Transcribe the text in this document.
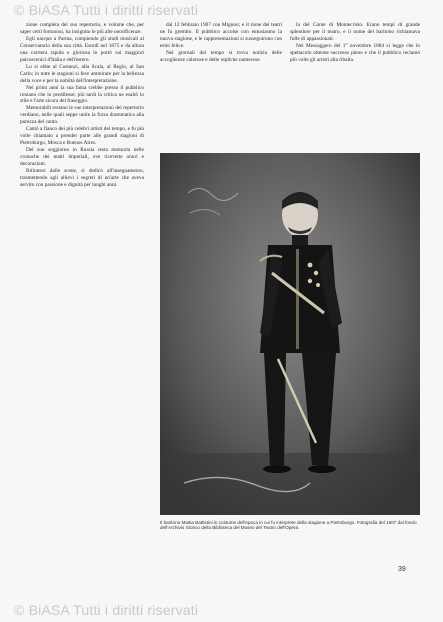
© BiASA Tutti i diritti riservati

zione completa del suo repertorio, e volume che, per saper certi fortunoni, ha insignito le più alte onorificenze.

Egli nacque a Parma, compiendo gli studi musicali al Conservatorio della sua città. Esordì nel 1875 e da allora una carriera rapida e gloriosa lo portò sui maggiori palcoscenici d'Italia e dell'estero.

Lo si ebbe al Costanzi, alla Scala, al Regio, al San Carlo; in tutte le stagioni si fece ammirare per la bellezza della voce e per la nobiltà dell'interpretazione.

Nei primi anni la sua fama crebbe presso il pubblico romano che lo predilesse; più tardi la critica ne esaltò lo stile e l'arte sicura del fraseggio.

Memorabili restano le sue interpretazioni del repertorio verdiano, nelle quali seppe unire la forza drammatica alla purezza del canto.

Cantò a fianco dei più celebri artisti del tempo, e fu più volte chiamato a prender parte alle grandi stagioni di Pietroburgo, Mosca e Buenos Aires.

Del suo soggiorno in Russia resta memoria nelle cronache dei teatri imperiali, ove ricevette onori e decorazioni.

Ritiratosi dalle scene, si dedicò all'insegnamento, trasmettendo agli allievi i segreti di un'arte che aveva servito con passione e dignità per lunghi anni.

dal 12 febbraio 1907 con Mignon; e il rione dei teatri ne fu gremito. Il pubblico accolse con entusiasmo la nuova stagione, e le rappresentazioni si susseguirono con esito felice.

Nel giornali del tempo si trova notizia delle accoglienze calorose e delle repliche numerose.

la del Conte di Montecristo. Erano tempi di grande splendore per il teatro, e il nome del baritono richiamava folle di appassionati.

Nel Messaggero del 1° novembre 1884 si legge che lo spettacolo ottenne successo pieno e che il pubblico reclamò più volte gli artisti alla ribalta.

Il baritono Mattia Battistini in costume dell'epoca in cui fu interprete della stagione a Pietroburgo. Fotografia del 1907 dal fondo dell'Archivio Storico della Biblioteca del Museo del Teatro dell'Opera.
39
© BiASA Tutti i diritti riservati
